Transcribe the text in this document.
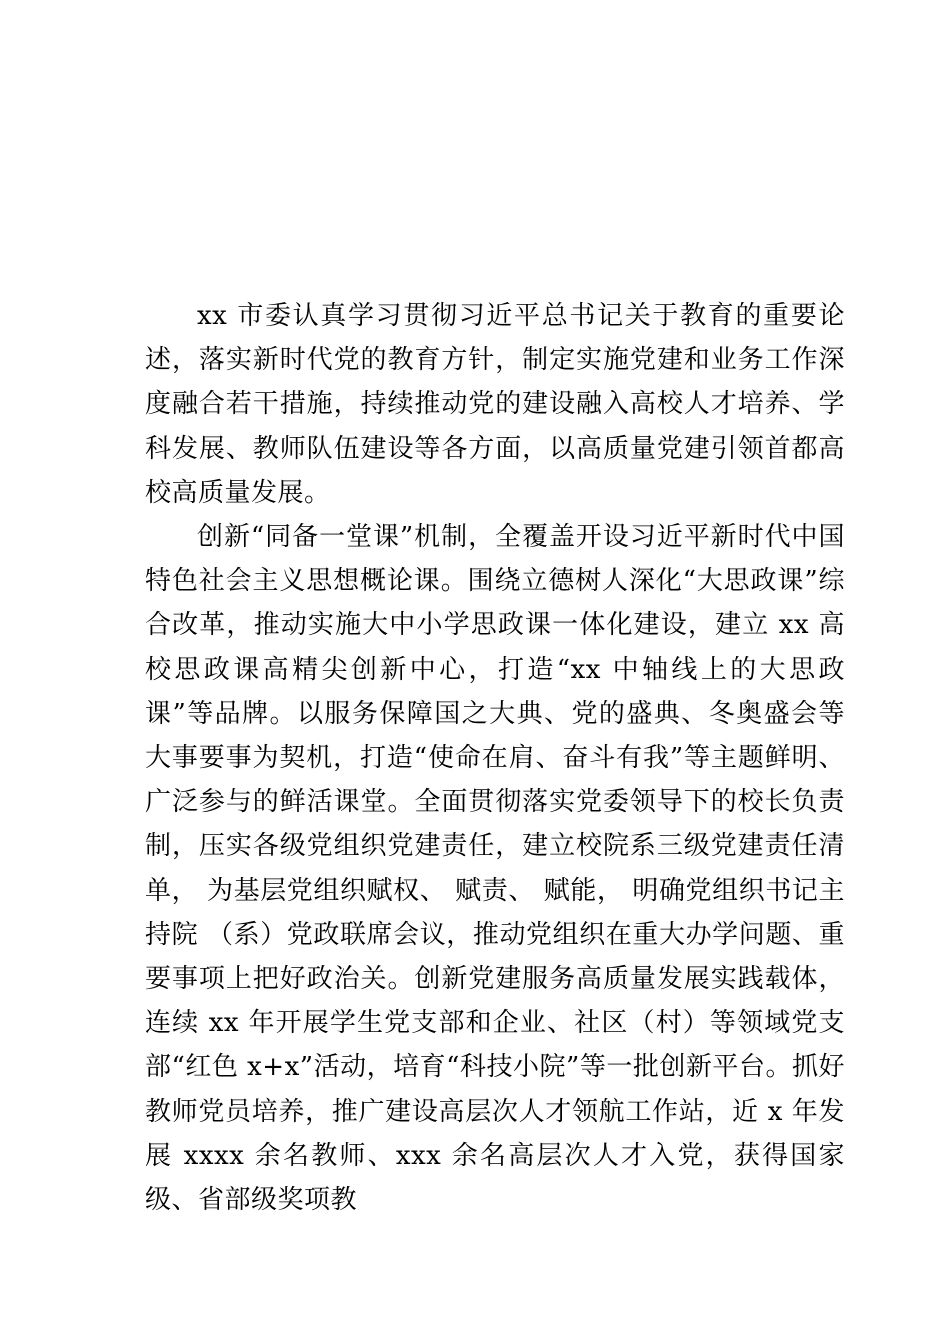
xx 市委认真学习贯彻习近平总书记关于教育的重要论述，落实新时代党的教育方针，制定实施党建和业务工作深度融合若干措施，持续推动党的建设融入高校人才培养、学科发展、教师队伍建设等各方面，以高质量党建引领首都高校高质量发展。

创新“同备一堂课”机制，全覆盖开设习近平新时代中国特色社会主义思想概论课。围绕立德树人深化“大思政课”综合改革，推动实施大中小学思政课一体化建设，建立 xx 高校思政课高精尖创新中心，打造“xx 中轴线上的大思政课”等品牌。以服务保障国之大典、党的盛典、冬奥盛会等大事要事为契机，打造“使命在肩、奋斗有我”等主题鲜明、广泛参与的鲜活课堂。全面贯彻落实党委领导下的校长负责制，压实各级党组织党建责任，建立校院系三级党建责任清单， 为基层党组织赋权、 赋责、 赋能， 明确党组织书记主持院 （系）党政联席会议，推动党组织在重大办学问题、重要事项上把好政治关。创新党建服务高质量发展实践载体，连续 xx 年开展学生党支部和企业、社区（村）等领域党支部“红色 x+x”活动，培育“科技小院”等一批创新平台。抓好教师党员培养，推广建设高层次人才领航工作站，近 x 年发展 xxxx 余名教师、xxx 余名高层次人才入党，获得国家级、省部级奖项教
